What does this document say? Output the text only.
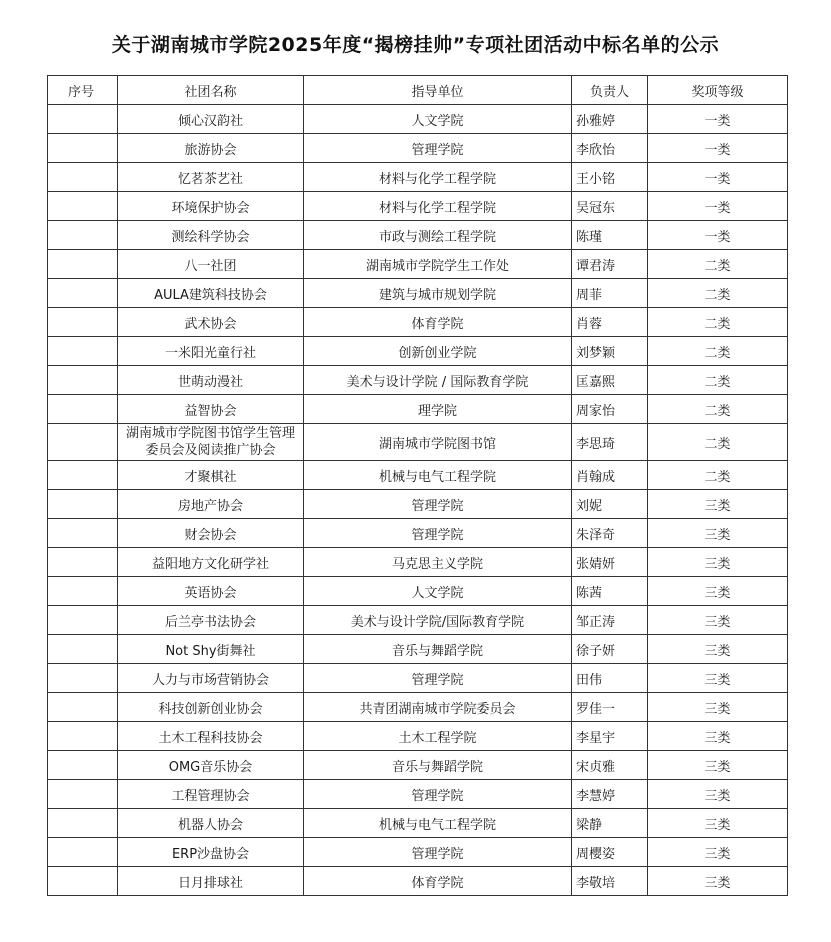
关于湖南城市学院2025年度“揭榜挂帅”专项社团活动中标名单的公示
序号	社团名称	指导单位	负责人	奖项等级
	倾心汉韵社	人文学院	孙雅婷	一类
	旅游协会	管理学院	李欣怡	一类
	忆茗茶艺社	材料与化学工程学院	王小铭	一类
	环境保护协会	材料与化学工程学院	吴冠东	一类
	测绘科学协会	市政与测绘工程学院	陈瑾	一类
	八一社团	湖南城市学院学生工作处	谭君涛	二类
	AULA建筑科技协会	建筑与城市规划学院	周菲	二类
	武术协会	体育学院	肖蓉	二类
	一米阳光童行社	创新创业学院	刘梦颖	二类
	世萌动漫社	美术与设计学院 / 国际教育学院	匡嘉熙	二类
	益智协会	理学院	周家怡	二类
	湖南城市学院图书馆学生管理委员会及阅读推广协会	湖南城市学院图书馆	李思琦	二类
	才聚棋社	机械与电气工程学院	肖翰成	二类
	房地产协会	管理学院	刘妮	三类
	财会协会	管理学院	朱泽奇	三类
	益阳地方文化研学社	马克思主义学院	张婧妍	三类
	英语协会	人文学院	陈茜	三类
	后兰亭书法协会	美术与设计学院/国际教育学院	邹正涛	三类
	Not Shy街舞社	音乐与舞蹈学院	徐子妍	三类
	人力与市场营销协会	管理学院	田伟	三类
	科技创新创业协会	共青团湖南城市学院委员会	罗佳一	三类
	土木工程科技协会	土木工程学院	李星宇	三类
	OMG音乐协会	音乐与舞蹈学院	宋贞雅	三类
	工程管理协会	管理学院	李慧婷	三类
	机器人协会	机械与电气工程学院	梁静	三类
	ERP沙盘协会	管理学院	周樱姿	三类
	日月排球社	体育学院	李敬培	三类
